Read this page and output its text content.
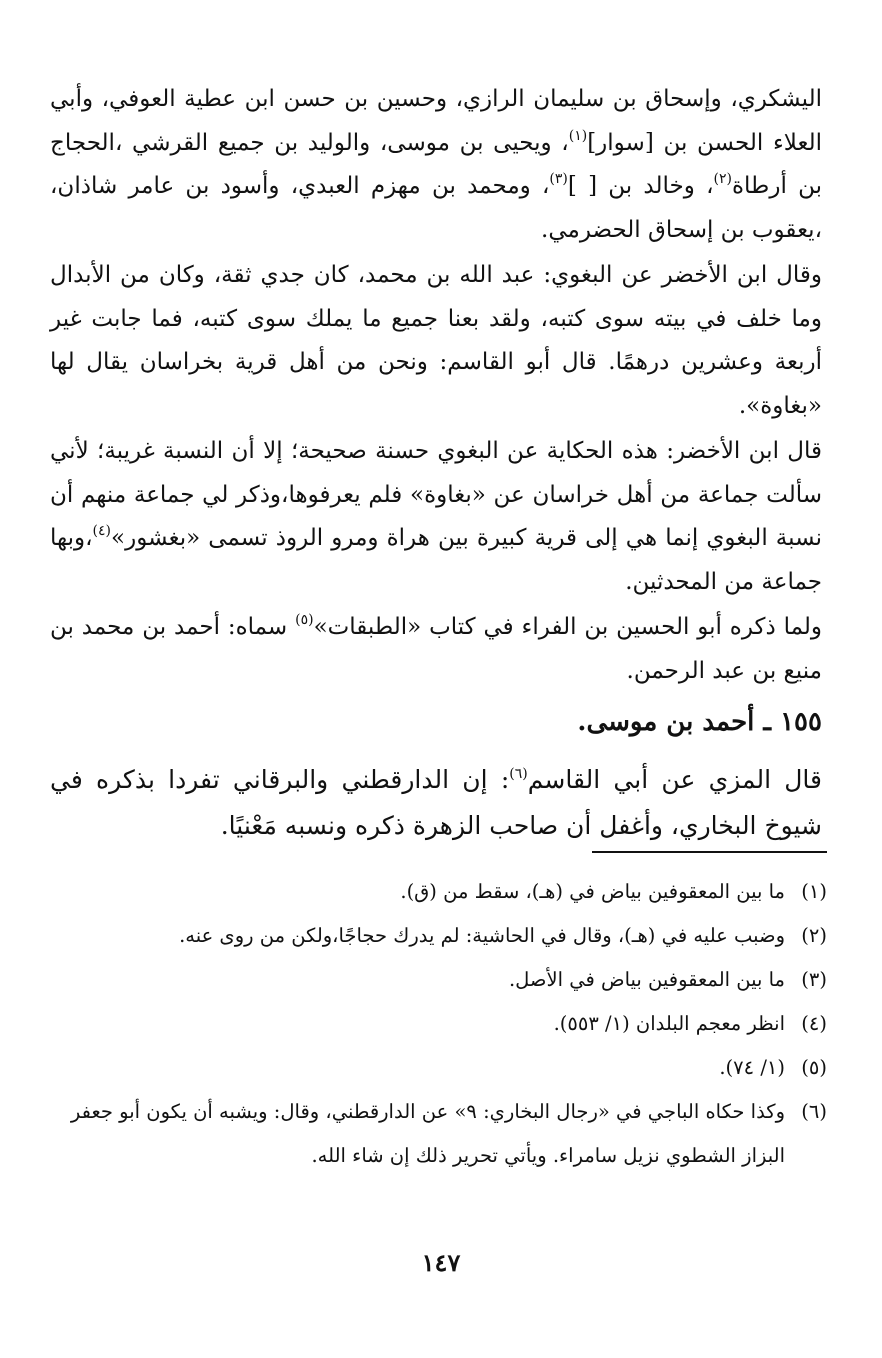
اليشكري، وإسحاق بن سليمان الرازي، وحسين بن حسن ابن عطية العوفي، وأبي العلاء الحسن بن [سوار]$^{(١)}$، ويحيى بن موسى، والوليد بن جميع القرشي ،الحجاج بن أرطاة$^{(٢)}$، وخالد بن [ ]$^{(٣)}$، ومحمد بن مهزم العبدي، وأسود بن عامر شاذان، ،يعقوب بن إسحاق الحضرمي.

وقال ابن الأخضر عن البغوي: عبد الله بن محمد، كان جدي ثقة، وكان من الأبدال وما خلف في بيته سوى كتبه، ولقد بعنا جميع ما يملك سوى كتبه، فما جابت غير أربعة وعشرين درهمًا. قال أبو القاسم: ونحن من أهل قرية بخراسان يقال لها «بغاوة».

قال ابن الأخضر: هذه الحكاية عن البغوي حسنة صحيحة؛ إلا أن النسبة غريبة؛ لأني سألت جماعة من أهل خراسان عن «بغاوة» فلم يعرفوها،وذكر لي جماعة منهم أن نسبة البغوي إنما هي إلى قرية كبيرة بين هراة ومرو الروذ تسمى «بغشور»$^{(٤)}$،وبها جماعة من المحدثين.

ولما ذكره أبو الحسين بن الفراء في كتاب «الطبقات»$^{(٥)}$ سماه: أحمد بن محمد بن منيع بن عبد الرحمن.

١٥٥ ـ أحمد بن موسى.

قال المزي عن أبي القاسم$^{(٦)}$: إن الدارقطني والبرقاني تفردا بذكره في شيوخ البخاري، وأغفل أن صاحب الزهرة ذكره ونسبه مَعْنيًا.

(١)
ما بين المعقوفين بياض في (هـ)، سقط من (ق).
(٢)
وضبب عليه في (هـ)، وقال في الحاشية: لم يدرك حجاجًا،ولكن من روى عنه.
(٣)
ما بين المعقوفين بياض في الأصل.
(٤)
انظر معجم البلدان (١/ ٥٥٣).
(٥)
(١/ ٧٤).
(٦)
وكذا حكاه الباجي في «رجال البخاري: ٩» عن الدارقطني، وقال: ويشبه أن يكون أبو جعفر البزاز الشطوي نزيل سامراء. ويأتي تحرير ذلك إن شاء الله.
١٤٧
